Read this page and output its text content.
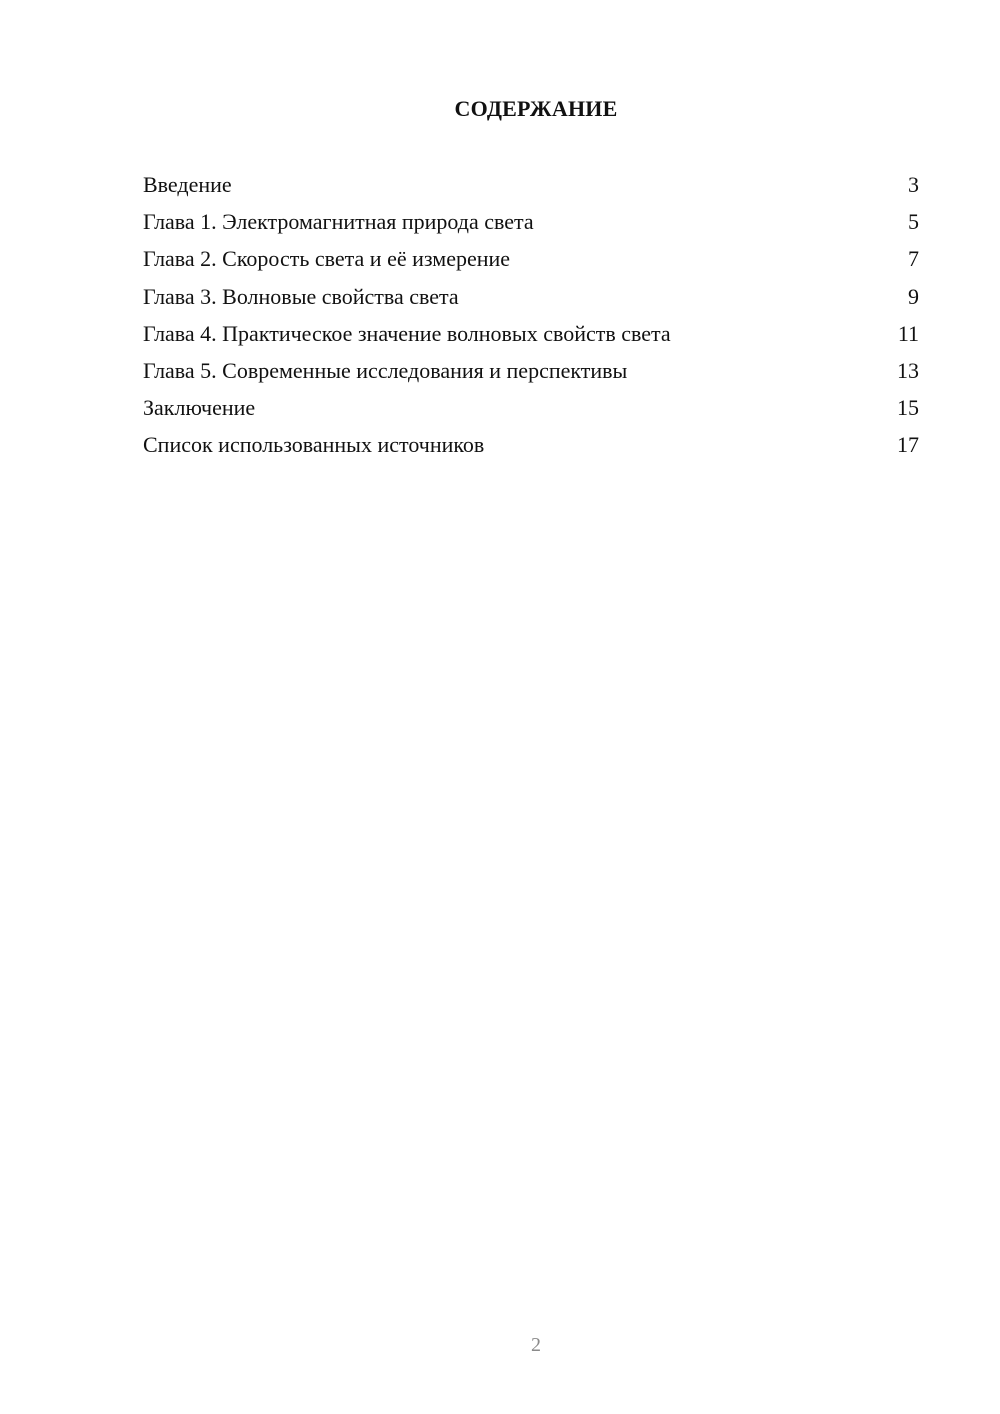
СОДЕРЖАНИЕ
Введение	3
Глава 1. Электромагнитная природа света	5
Глава 2. Скорость света и её измерение	7
Глава 3. Волновые свойства света	9
Глава 4. Практическое значение волновых свойств света	11
Глава 5. Современные исследования и перспективы	13
Заключение	15
Список использованных источников	17
2
